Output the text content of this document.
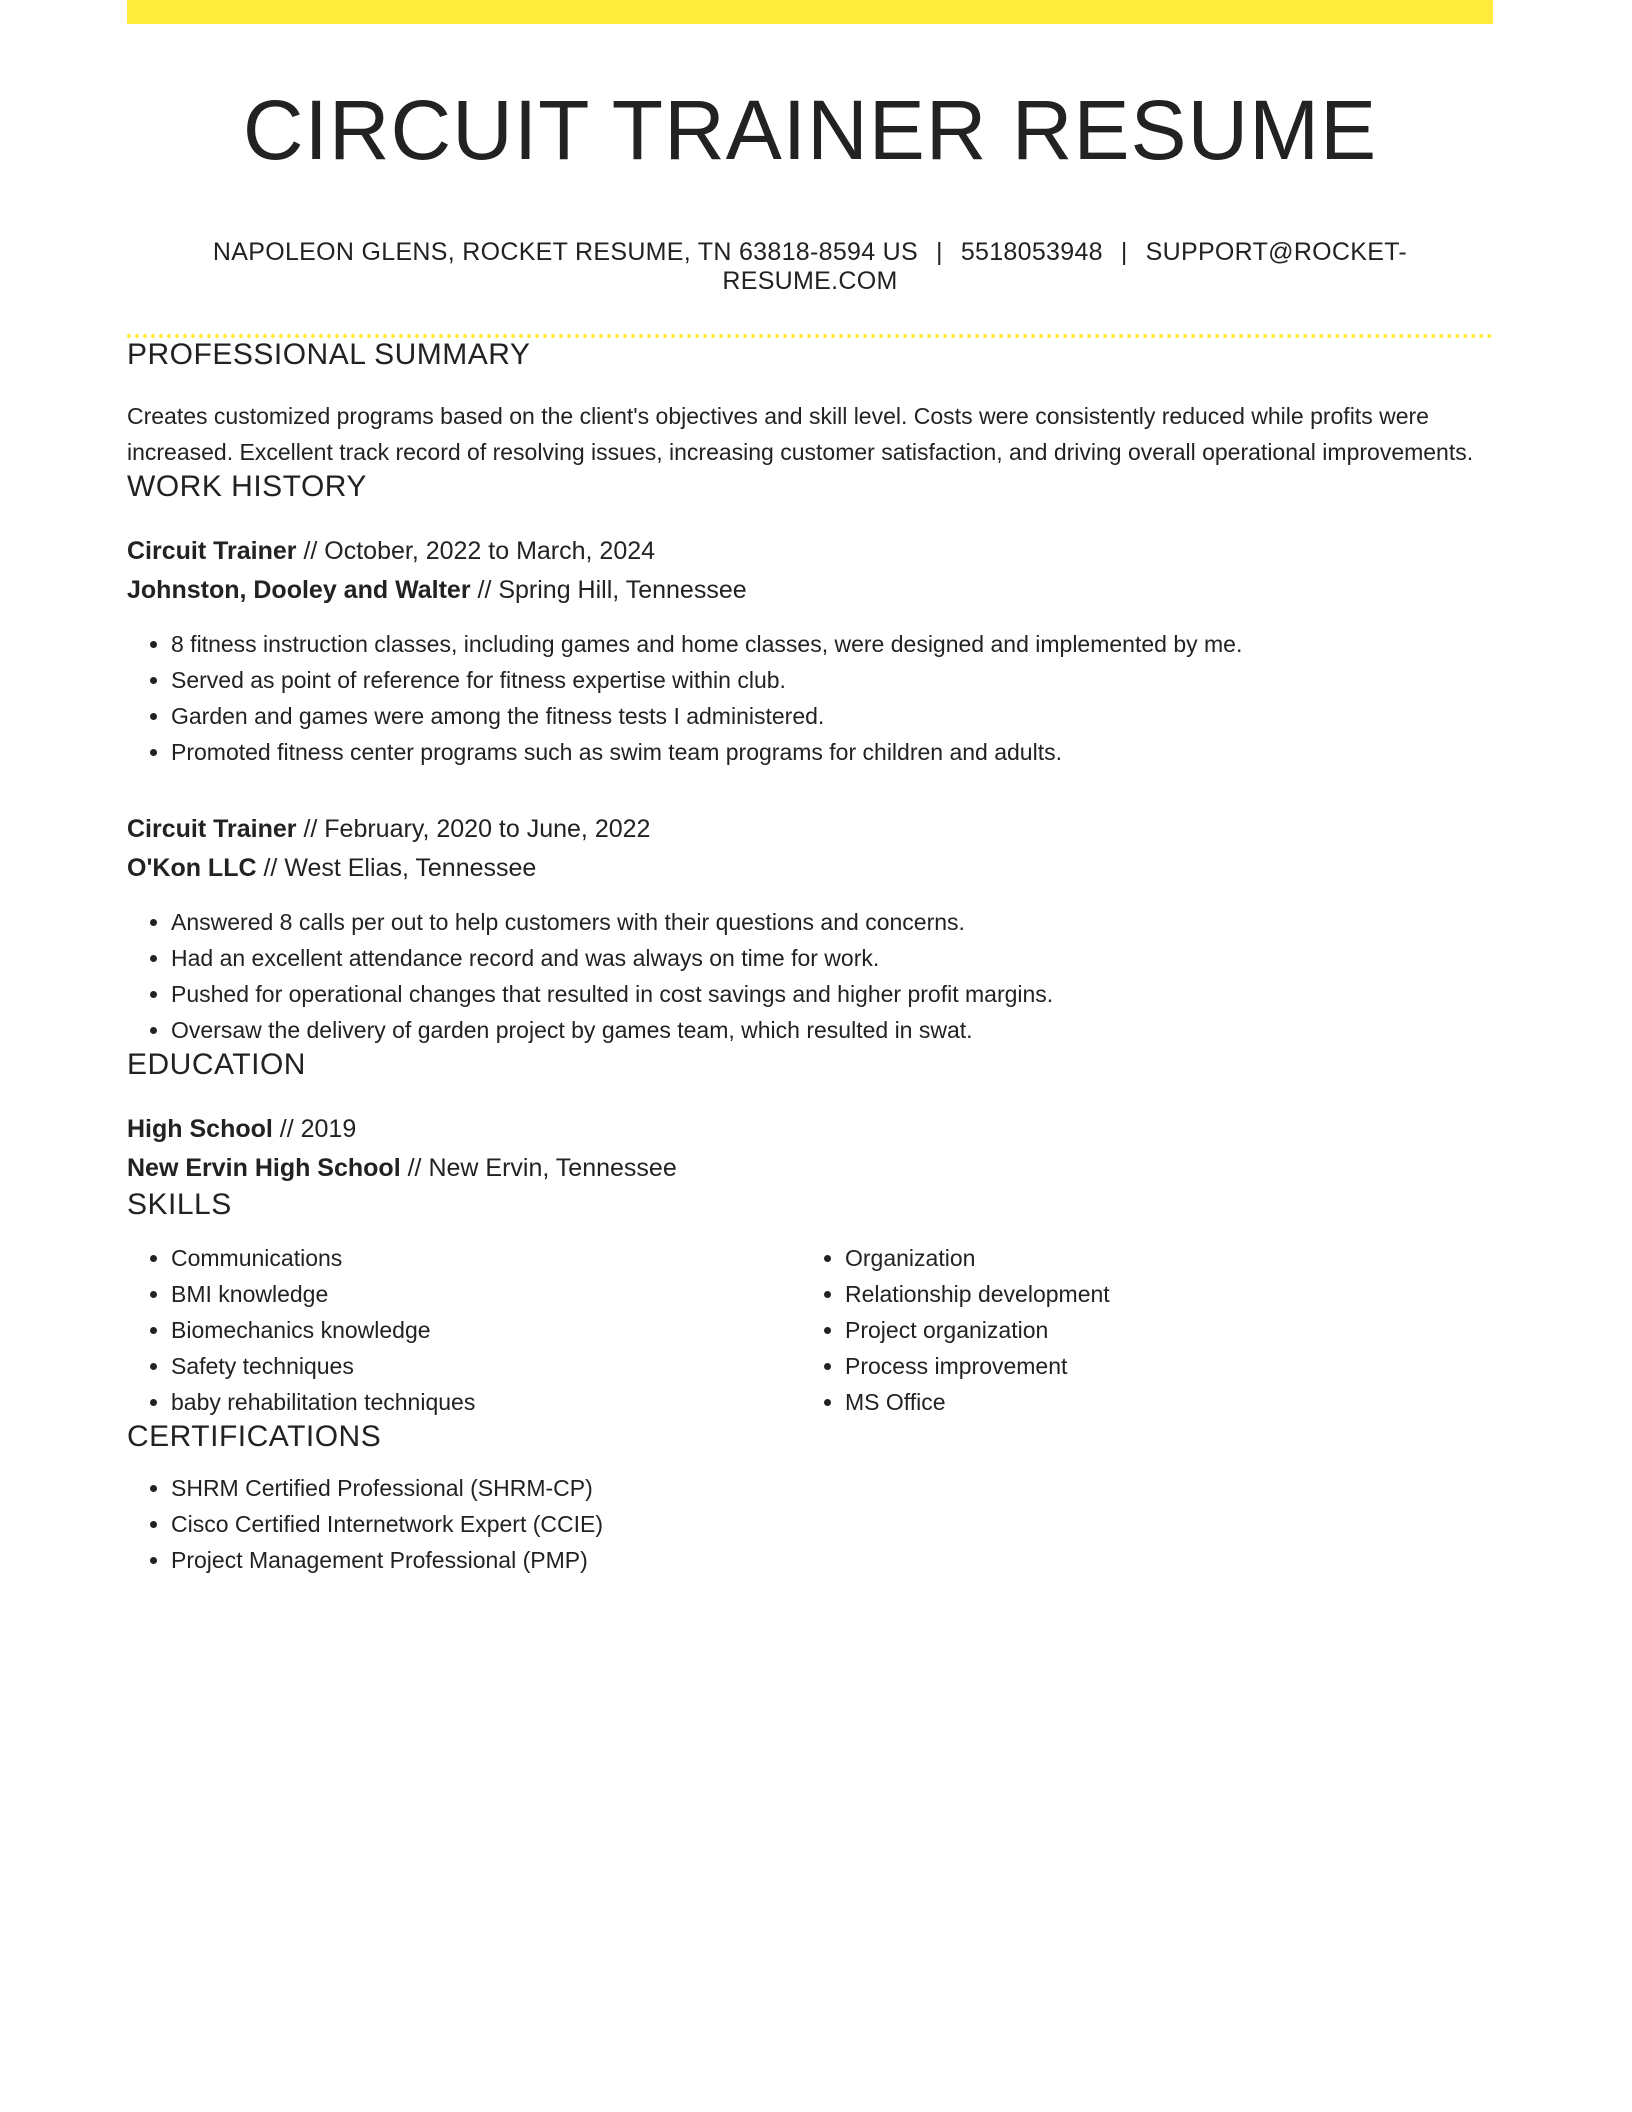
CIRCUIT TRAINER RESUME
NAPOLEON GLENS, ROCKET RESUME, TN 63818-8594 US | 5518053948 | SUPPORT@ROCKET-RESUME.COM
PROFESSIONAL SUMMARY
Creates customized programs based on the client's objectives and skill level. Costs were consistently reduced while profits were increased. Excellent track record of resolving issues, increasing customer satisfaction, and driving overall operational improvements.
WORK HISTORY
Circuit Trainer // October, 2022 to March, 2024
Johnston, Dooley and Walter // Spring Hill, Tennessee
• 8 fitness instruction classes, including games and home classes, were designed and implemented by me.
• Served as point of reference for fitness expertise within club.
• Garden and games were among the fitness tests I administered.
• Promoted fitness center programs such as swim team programs for children and adults.
Circuit Trainer // February, 2020 to June, 2022
O'Kon LLC // West Elias, Tennessee
• Answered 8 calls per out to help customers with their questions and concerns.
• Had an excellent attendance record and was always on time for work.
• Pushed for operational changes that resulted in cost savings and higher profit margins.
• Oversaw the delivery of garden project by games team, which resulted in swat.
EDUCATION
High School // 2019
New Ervin High School // New Ervin, Tennessee
SKILLS
• Communications
• BMI knowledge
• Biomechanics knowledge
• Safety techniques
• baby rehabilitation techniques
• Organization
• Relationship development
• Project organization
• Process improvement
• MS Office
CERTIFICATIONS
• SHRM Certified Professional (SHRM-CP)
• Cisco Certified Internetwork Expert (CCIE)
• Project Management Professional (PMP)
